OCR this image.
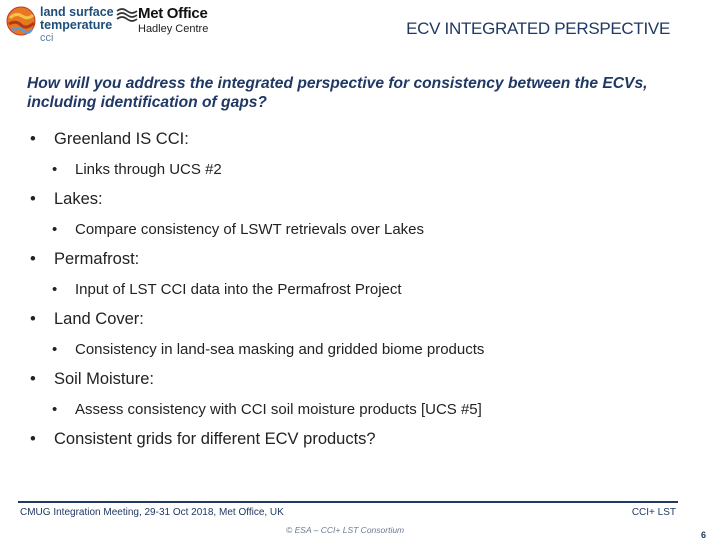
land surface
temperature
cci
Met Office
Hadley Centre	ECV INTEGRATED PERSPECTIVE
How will you address the integrated perspective for consistency between the ECVs, including identification of gaps?
• Greenland IS CCI:
• Links through UCS #2
• Lakes:
• Compare consistency of LSWT retrievals over Lakes
• Permafrost:
• Input of LST CCI data into the Permafrost Project
• Land Cover:
• Consistency in land-sea masking and gridded biome products
• Soil Moisture:
• Assess consistency with CCI soil moisture products [UCS #5]
• Consistent grids for different ECV products?
CMUG Integration Meeting, 29-31 Oct 2018, Met Office, UK	CCI+ LST
© ESA – CCI+ LST Consortium	6
